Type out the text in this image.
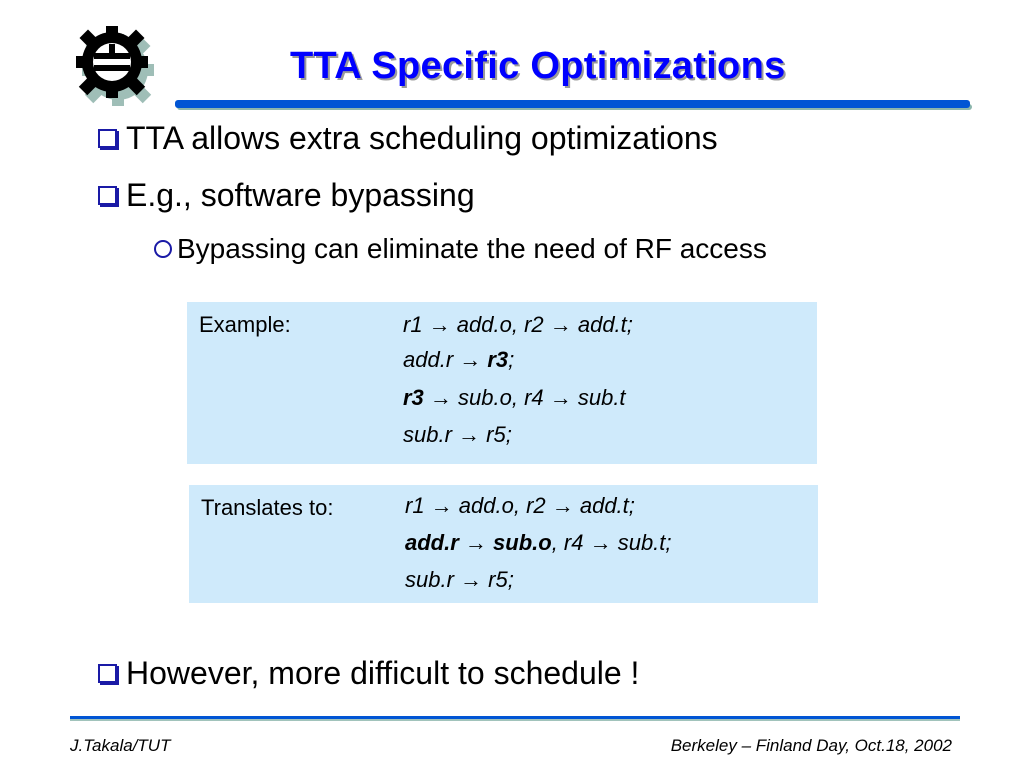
TTA Specific Optimizations
TTA allows extra scheduling optimizations
E.g., software bypassing
Bypassing can eliminate the need of RF access
Example:	r1 → add.o, r2 → add.t;
add.r → r3;
r3 → sub.o, r4 → sub.t
sub.r → r5;
Translates to:	r1 → add.o, r2 → add.t;
add.r → sub.o, r4 → sub.t;
sub.r → r5;
However, more difficult to schedule !
J.Takala/TUT	Berkeley – Finland Day, Oct.18, 2002
